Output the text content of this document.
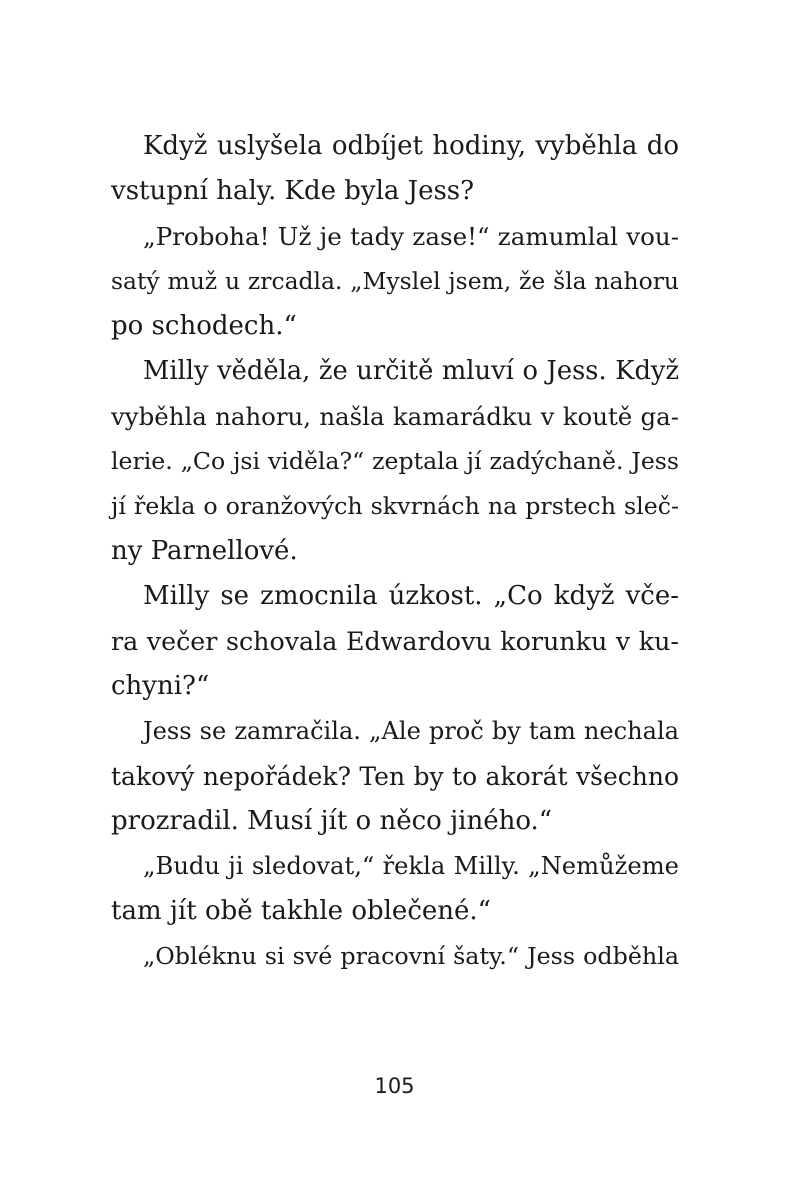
Když uslyšela odbíjet hodiny, vyběhla do
vstupní haly. Kde byla Jess?
„Proboha! Už je tady zase!“ zamumlal vou-
satý muž u zrcadla. „Myslel jsem, že šla nahoru
po schodech.“
Milly věděla, že určitě mluví o Jess. Když
vyběhla nahoru, našla kamarádku v koutě ga-
lerie. „Co jsi viděla?“ zeptala jí zadýchaně. Jess
jí řekla o oranžových skvrnách na prstech sleč-
ny Parnellové.
Milly se zmocnila úzkost. „Co když vče-
ra večer schovala Edwardovu korunku v ku-
chyni?“
Jess se zamračila. „Ale proč by tam nechala
takový nepořádek? Ten by to akorát všechno
prozradil. Musí jít o něco jiného.“
„Budu ji sledovat,“ řekla Milly. „Nemůžeme
tam jít obě takhle oblečené.“
„Obléknu si své pracovní šaty.“ Jess odběhla
105
